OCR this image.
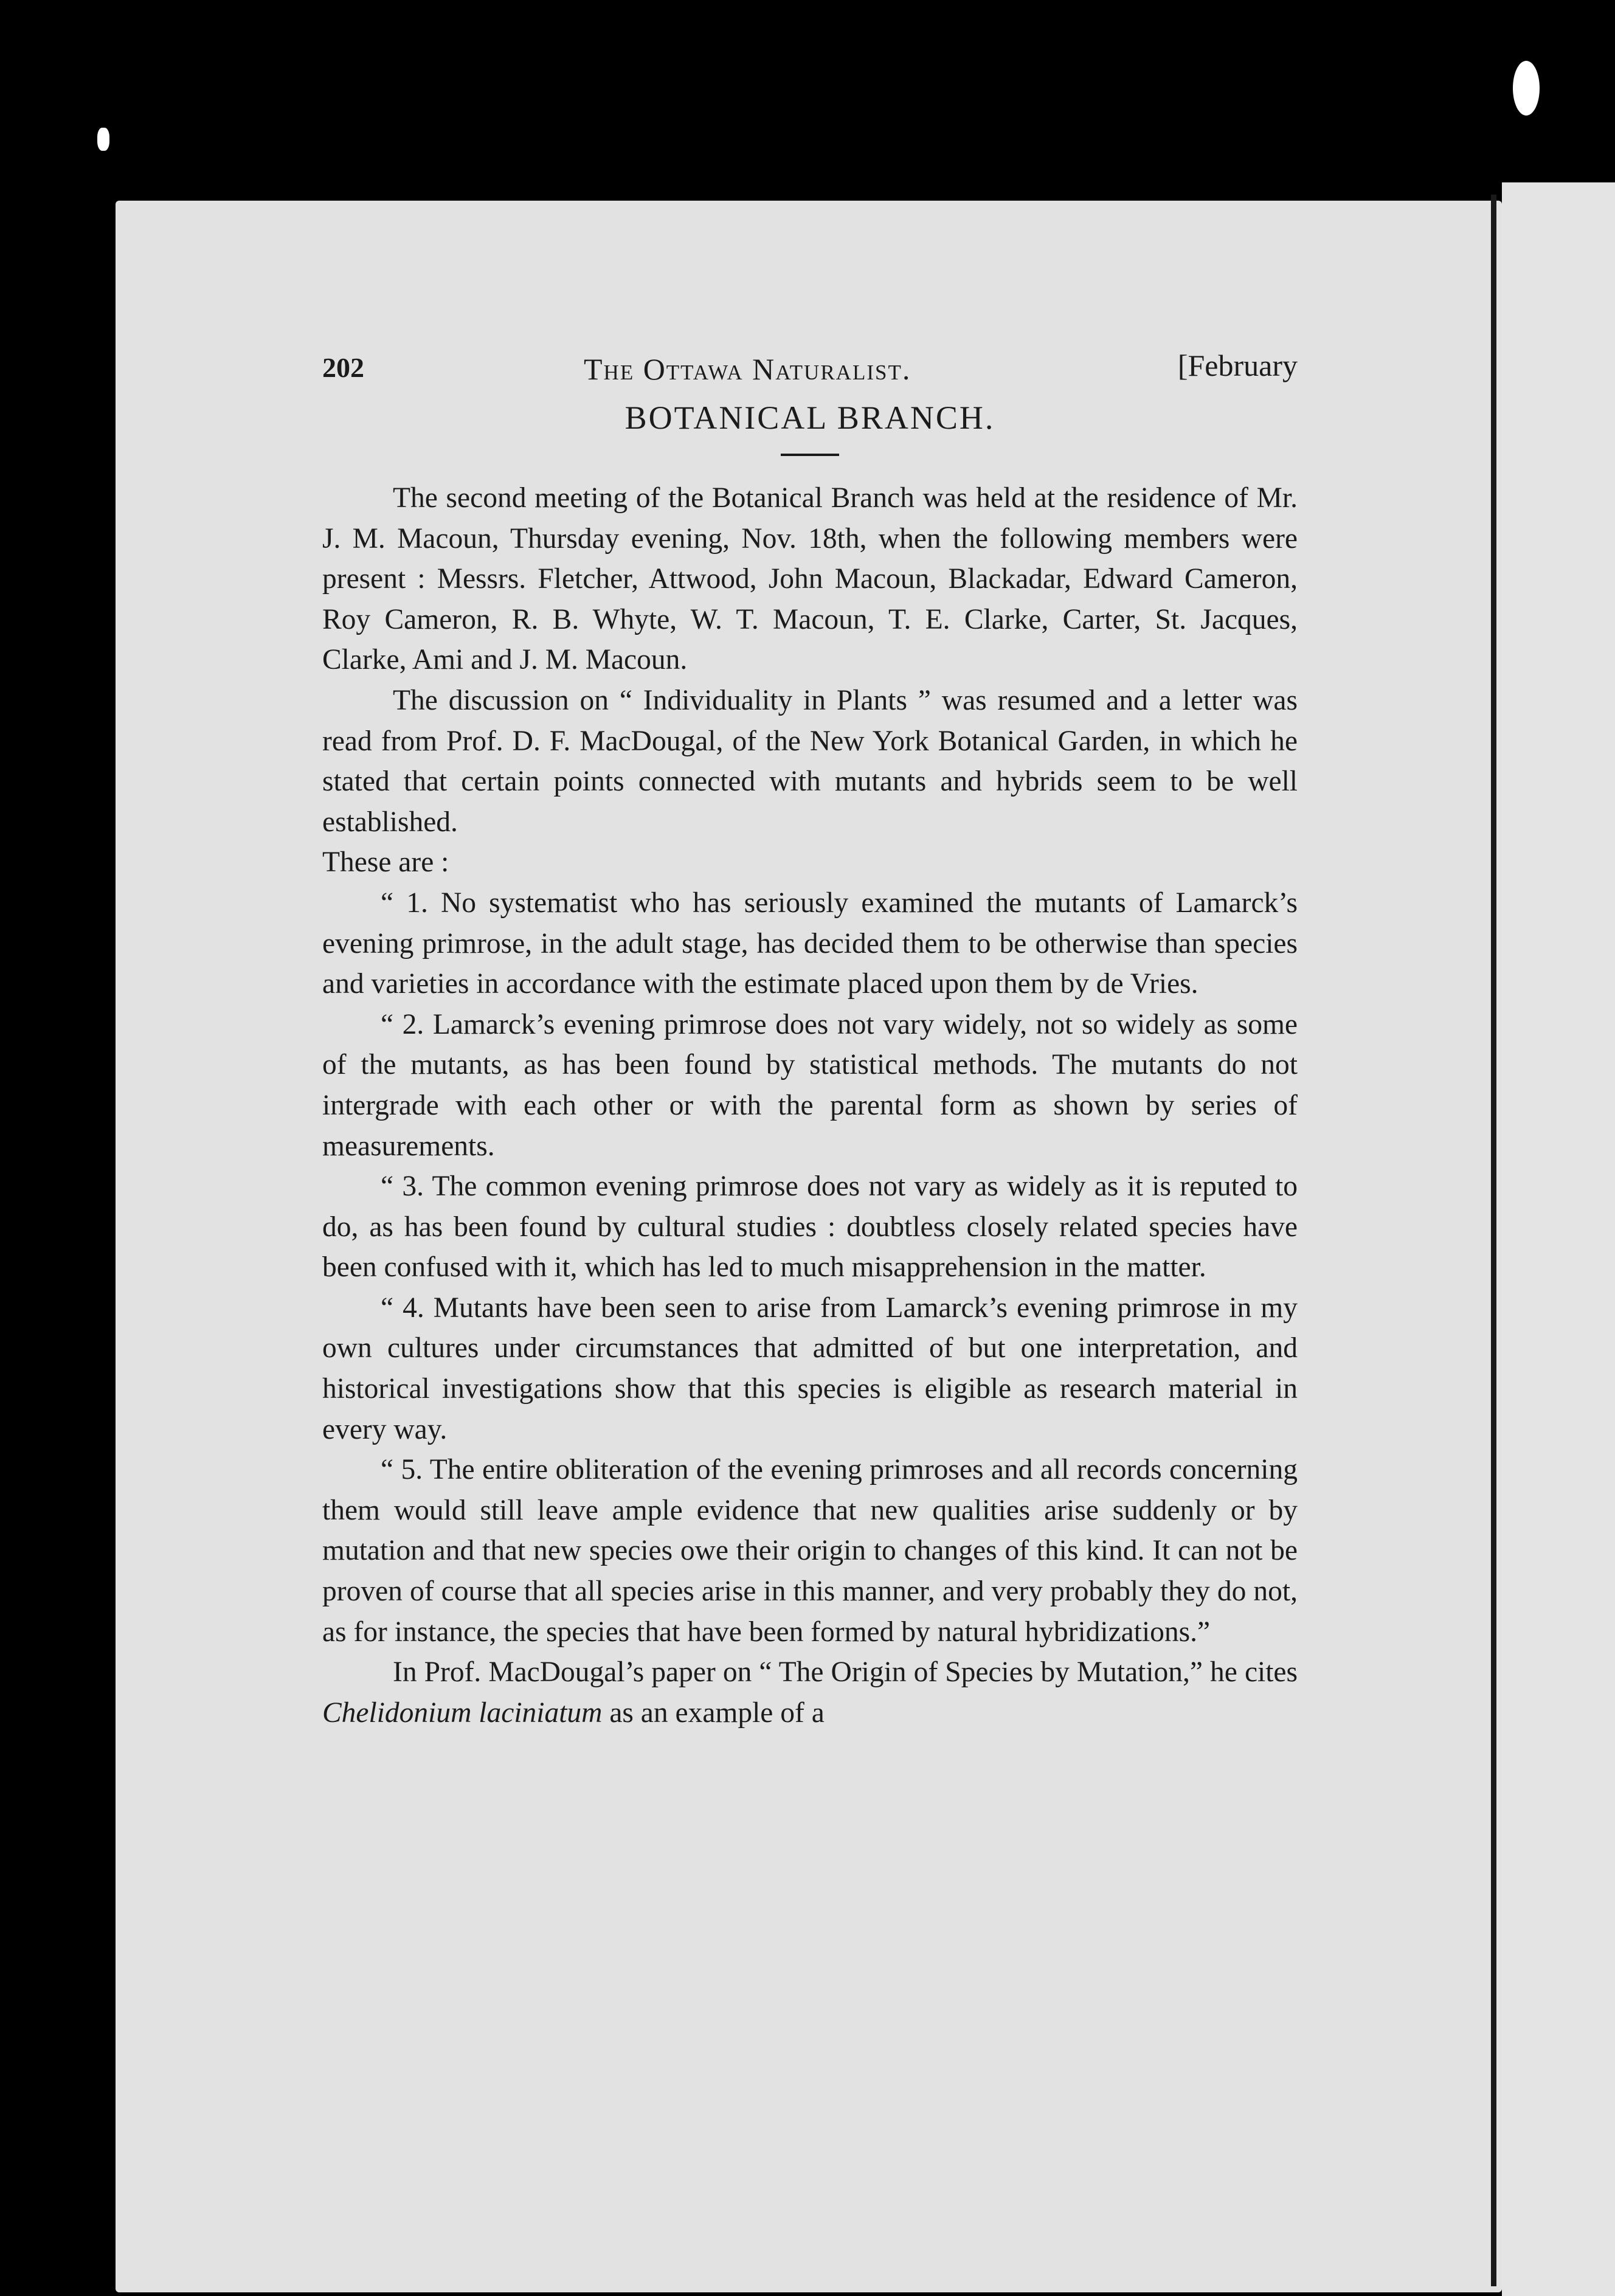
202	The Ottawa Naturalist.	[February
BOTANICAL BRANCH.

The second meeting of the Botanical Branch was held at the residence of Mr. J. M. Macoun, Thursday evening, Nov. 18th, when the following members were present : Messrs. Fletcher, Attwood, John Macoun, Blackadar, Edward Cameron, Roy Cameron, R. B. Whyte, W. T. Macoun, T. E. Clarke, Carter, St. Jacques, Clarke, Ami and J. M. Macoun.

The discussion on “ Individuality in Plants ” was resumed and a letter was read from Prof. D. F. MacDougal, of the New York Botanical Garden, in which he stated that certain points connected with mutants and hybrids seem to be well established.

These are :

“ 1. No systematist who has seriously examined the mutants of Lamarck’s evening primrose, in the adult stage, has decided them to be otherwise than species and varieties in accordance with the estimate placed upon them by de Vries.

“ 2. Lamarck’s evening primrose does not vary widely, not so widely as some of the mutants, as has been found by statistical methods. The mutants do not intergrade with each other or with the parental form as shown by series of measurements.

“ 3. The common evening primrose does not vary as widely as it is reputed to do, as has been found by cultural studies : doubtless closely related species have been confused with it, which has led to much misapprehension in the matter.

“ 4. Mutants have been seen to arise from Lamarck’s evening primrose in my own cultures under circumstances that admitted of but one interpretation, and historical investigations show that this species is eligible as research material in every way.

“ 5. The entire obliteration of the evening primroses and all records concerning them would still leave ample evidence that new qualities arise suddenly or by mutation and that new species owe their origin to changes of this kind. It can not be proven of course that all species arise in this manner, and very probably they do not, as for instance, the species that have been formed by natural hybridizations.”

In Prof. MacDougal’s paper on “ The Origin of Species by Mutation,” he cites Chelidonium laciniatum as an example of a
